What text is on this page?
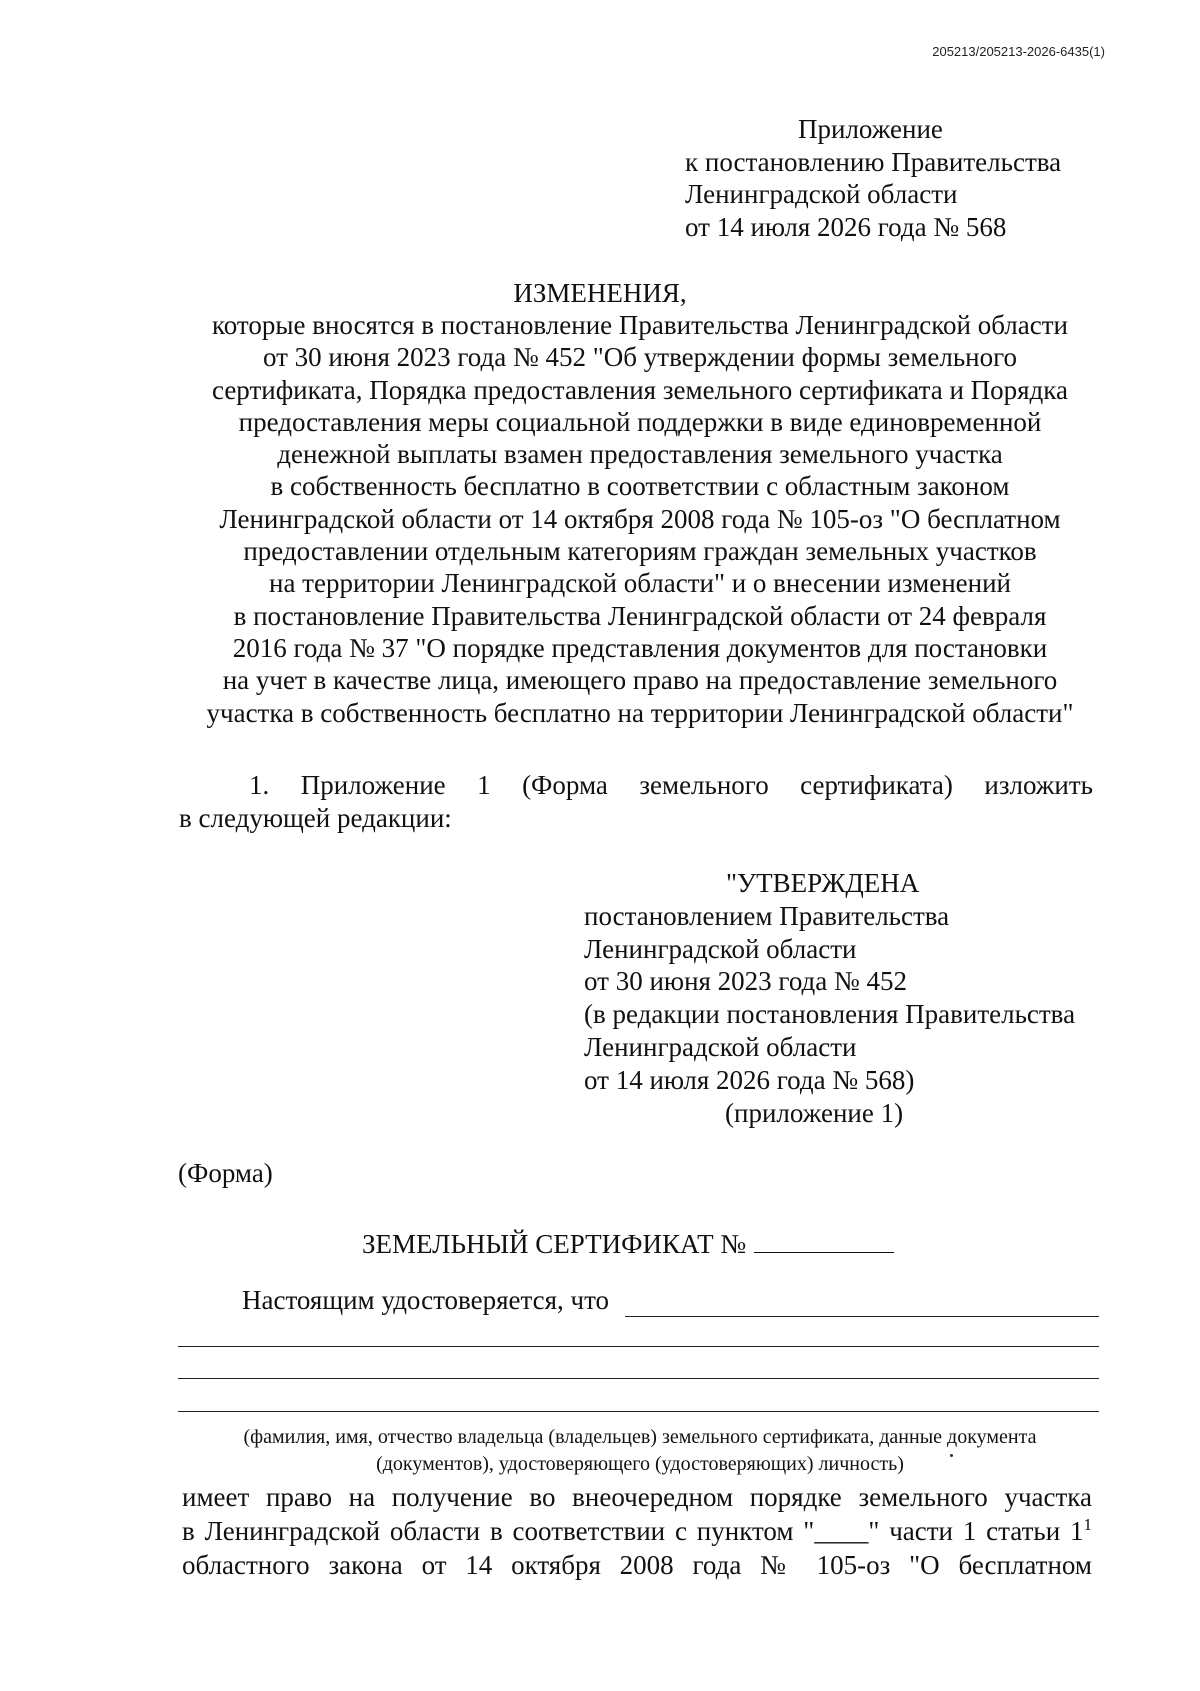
205213/205213-2026-6435(1)
Приложение
к постановлению Правительства
Ленинградской области
от 14 июля 2026 года № 568
ИЗМЕНЕНИЯ,
которые вносятся в постановление Правительства Ленинградской области
от 30 июня 2023 года № 452 "Об утверждении формы земельного
сертификата, Порядка предоставления земельного сертификата и Порядка
предоставления меры социальной поддержки в виде единовременной
денежной выплаты взамен предоставления земельного участка
в собственность бесплатно в соответствии с областным законом
Ленинградской области от 14 октября 2008 года № 105-оз "О бесплатном
предоставлении отдельным категориям граждан земельных участков
на территории Ленинградской области" и о внесении изменений
в постановление Правительства Ленинградской области от 24 февраля
2016 года № 37 "О порядке представления документов для постановки
на учет в качестве лица, имеющего право на предоставление земельного
участка в собственность бесплатно на территории Ленинградской области"
1. Приложение 1 (Форма земельного сертификата) изложить
в следующей редакции:
"УТВЕРЖДЕНА
постановлением Правительства
Ленинградской области
от 30 июня 2023 года № 452
(в редакции постановления Правительства
Ленинградской области
от 14 июля 2026 года № 568)
(приложение 1)
(Форма)
ЗЕМЕЛЬНЫЙ СЕРТИФИКАТ №
Настоящим удостоверяется, что
(фамилия, имя, отчество владельца (владельцев) земельного сертификата, данные документа
(документов), удостоверяющего (удостоверяющих) личность)
имеет право на получение во внеочередном порядке земельного участка
в Ленинградской области в соответствии с пунктом "____" части 1 статьи $1^1$
областного закона от 14 октября 2008 года № 105-оз "О бесплатном
